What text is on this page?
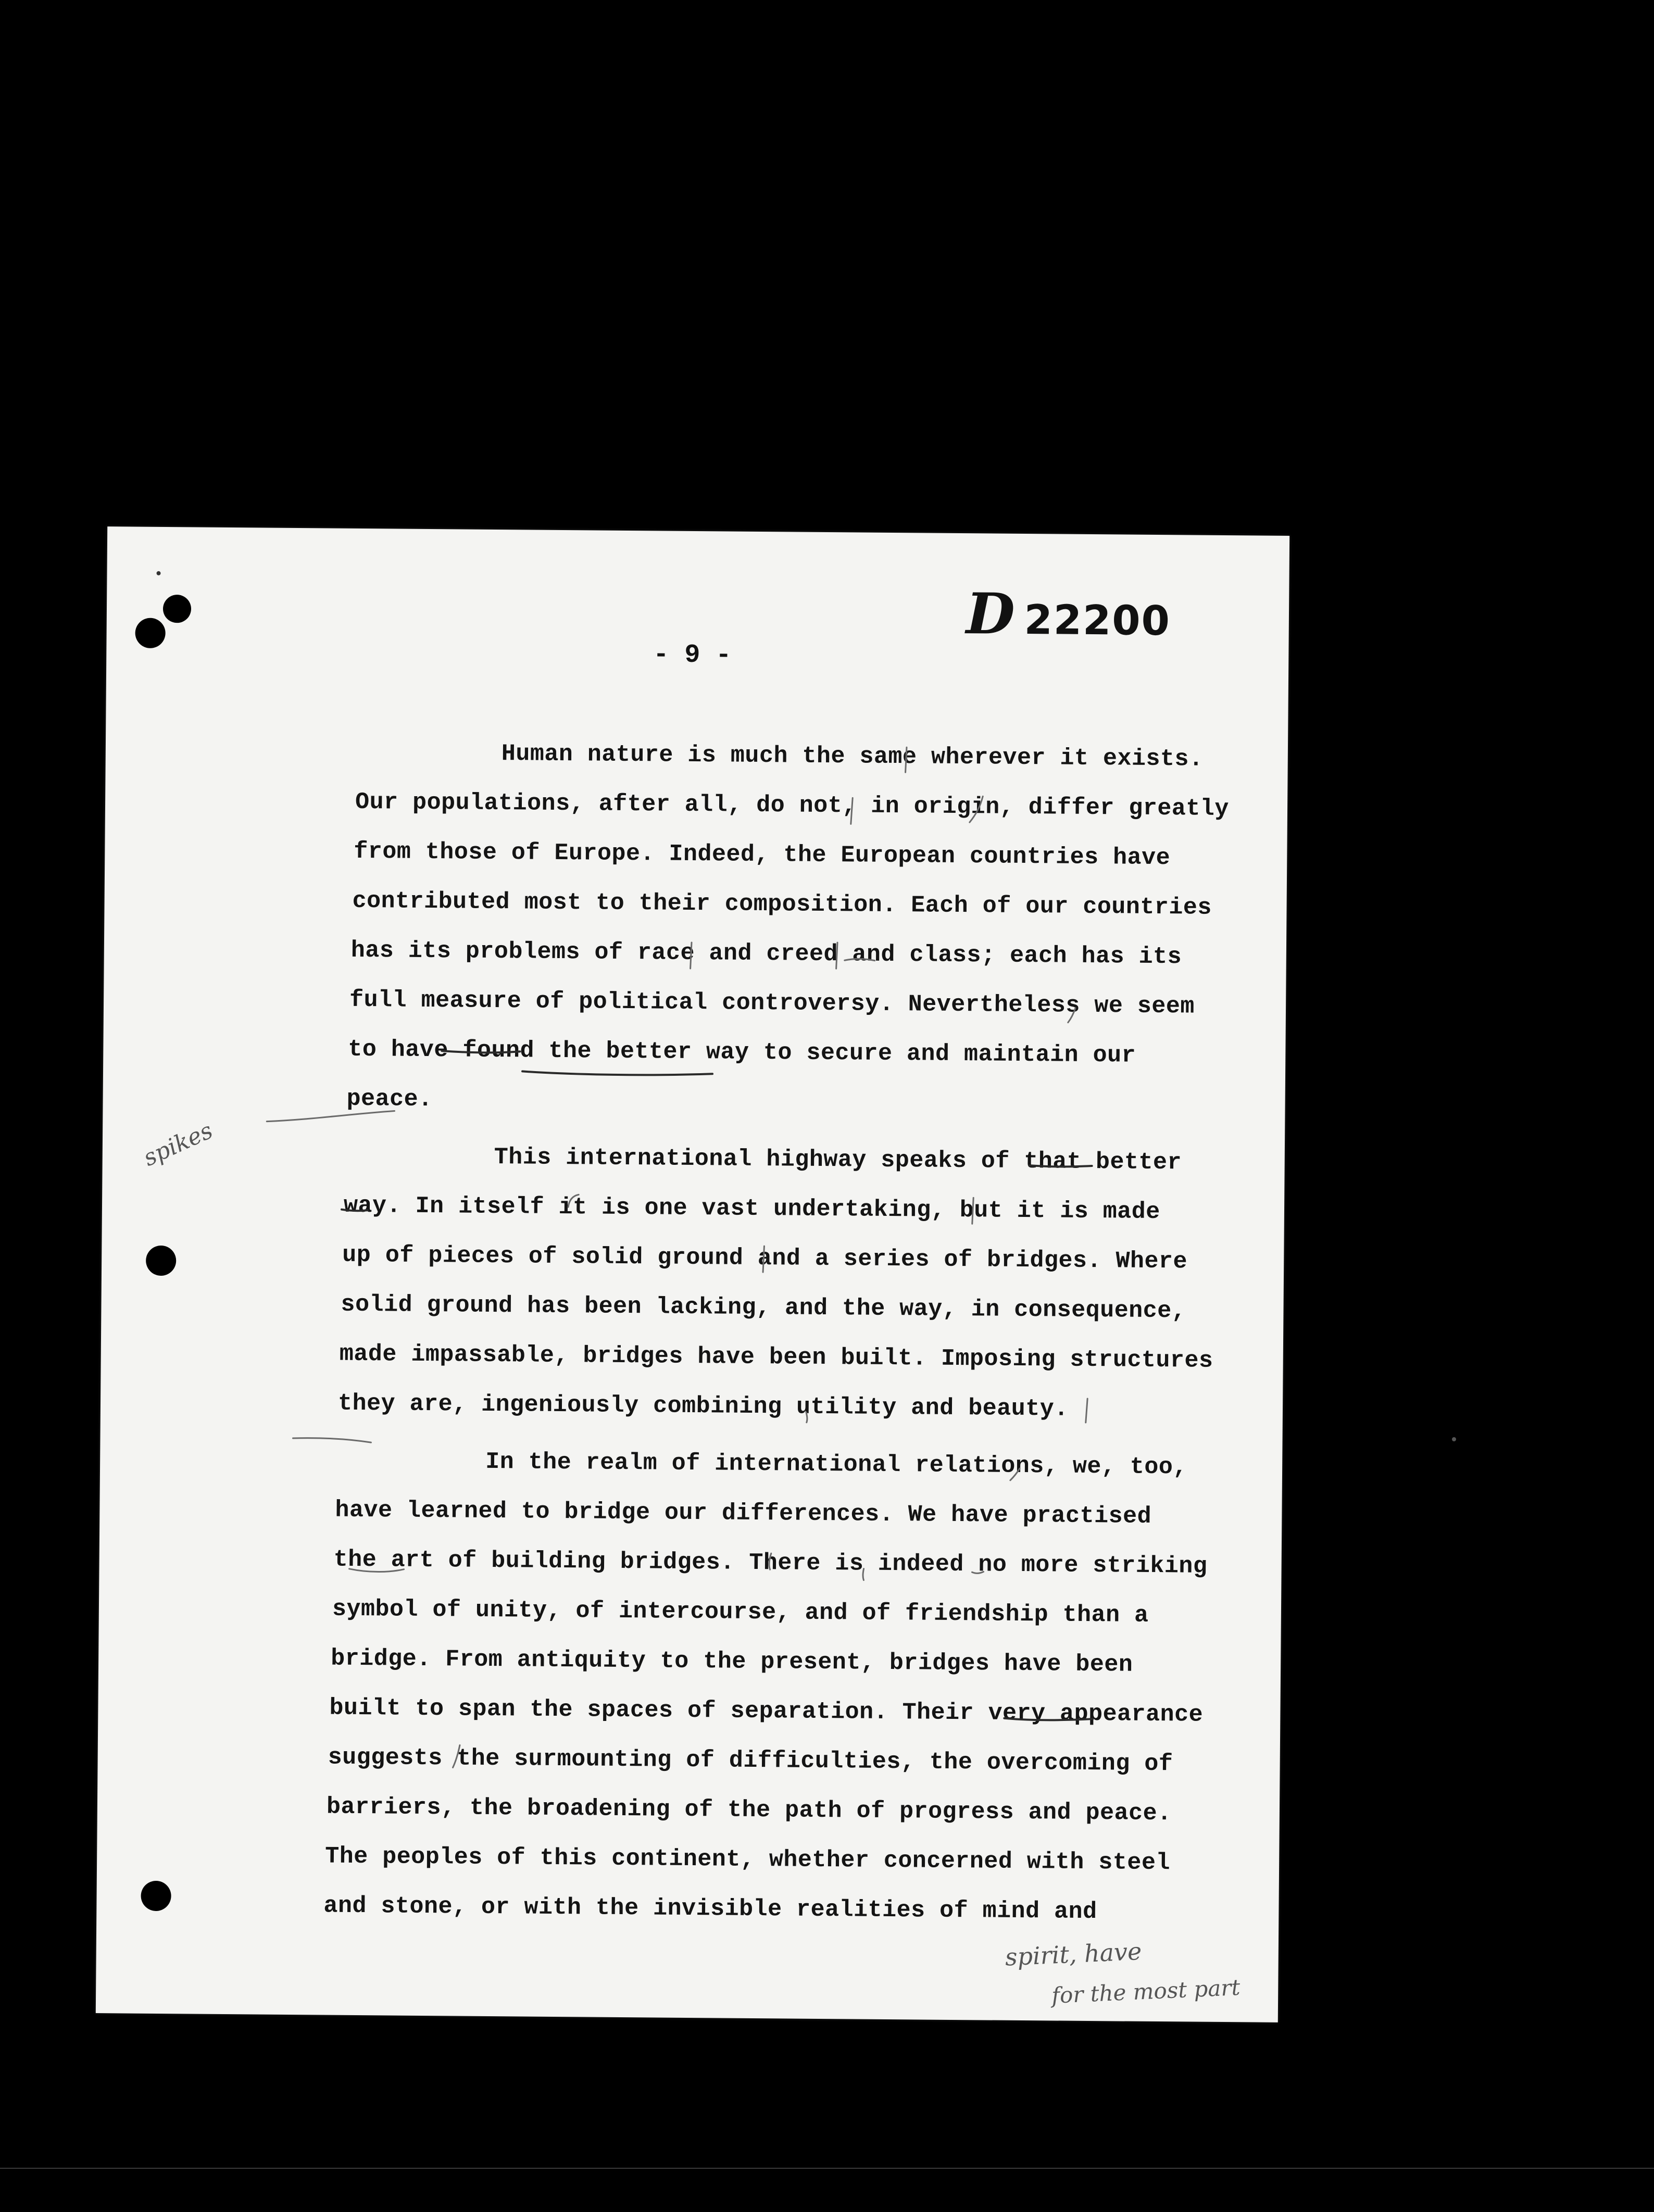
D 22200
- 9 -
Human nature is much the same wherever it exists.
Our populations, after all, do not, in origin, differ greatly
from those of Europe. Indeed, the European countries have
contributed most to their composition. Each of our countries
has its problems of race and creed and class; each has its
full measure of political controversy. Nevertheless we seem
to have found the better way to secure and maintain our
peace.
This international highway speaks of that better
way. In itself it is one vast undertaking, but it is made
up of pieces of solid ground and a series of bridges. Where
solid ground has been lacking, and the way, in consequence,
made impassable, bridges have been built. Imposing structures
they are, ingeniously combining utility and beauty.
In the realm of international relations, we, too,
have learned to bridge our differences. We have practised
the art of building bridges. There is indeed no more striking
symbol of unity, of intercourse, and of friendship than a
bridge. From antiquity to the present, bridges have been
built to span the spaces of separation. Their very appearance
suggests the surmounting of difficulties, the overcoming of
barriers, the broadening of the path of progress and peace.
The peoples of this continent, whether concerned with steel
and stone, or with the invisible realities of mind and
spikes
spirit, have
for the most part
